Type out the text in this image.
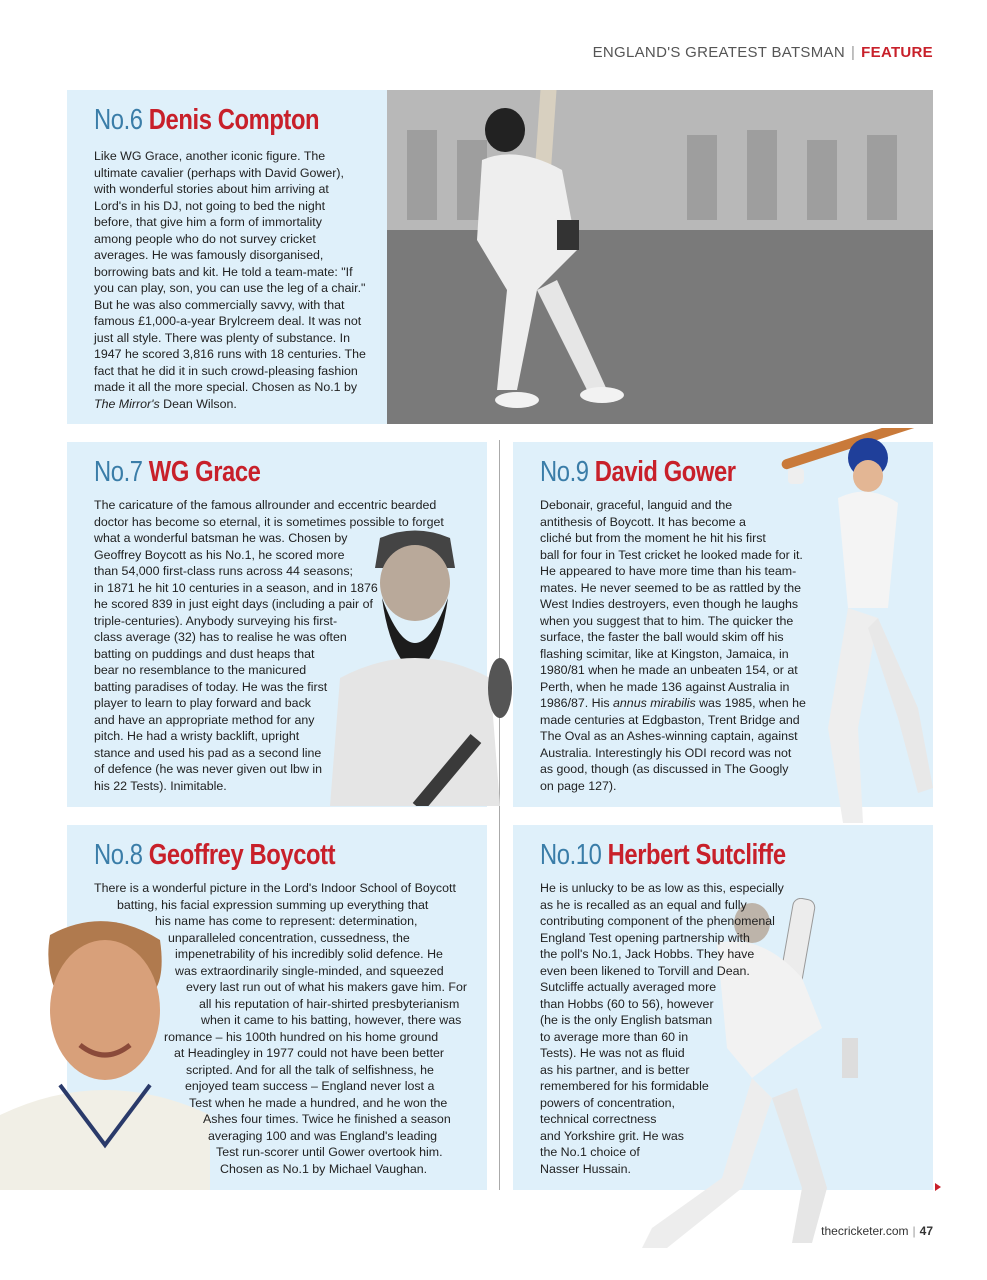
ENGLAND'S GREATEST BATSMAN | FEATURE
No.6 Denis Compton

Like WG Grace, another iconic figure. The

ultimate cavalier (perhaps with David Gower),

with wonderful stories about him arriving at

Lord's in his DJ, not going to bed the night

before, that give him a form of immortality

among people who do not survey cricket

averages. He was famously disorganised,

borrowing bats and kit. He told a team-mate: "If

you can play, son, you can use the leg of a chair."

But he was also commercially savvy, with that

famous £1,000-a-year Brylcreem deal. It was not

just all style. There was plenty of substance. In

1947 he scored 3,816 runs with 18 centuries. The

fact that he did it in such crowd-pleasing fashion

made it all the more special. Chosen as No.1 by

The Mirror's Dean Wilson.

No.7 WG Grace

The caricature of the famous allrounder and eccentric bearded

doctor has become so eternal, it is sometimes possible to forget

what a wonderful batsman he was. Chosen by

Geoffrey Boycott as his No.1, he scored more

than 54,000 first-class runs across 44 seasons;

in 1871 he hit 10 centuries in a season, and in 1876

he scored 839 in just eight days (including a pair of

triple-centuries). Anybody surveying his first-

class average (32) has to realise he was often

batting on puddings and dust heaps that

bear no resemblance to the manicured

batting paradises of today. He was the first

player to learn to play forward and back

and have an appropriate method for any

pitch. He had a wristy backlift, upright

stance and used his pad as a second line

of defence (he was never given out lbw in

his 22 Tests). Inimitable.

No.9 David Gower

Debonair, graceful, languid and the

antithesis of Boycott. It has become a

cliché but from the moment he hit his first

ball for four in Test cricket he looked made for it.

He appeared to have more time than his team-

mates. He never seemed to be as rattled by the

West Indies destroyers, even though he laughs

when you suggest that to him. The quicker the

surface, the faster the ball would skim off his

flashing scimitar, like at Kingston, Jamaica, in

1980/81 when he made an unbeaten 154, or at

Perth, when he made 136 against Australia in

1986/87. His annus mirabilis was 1985, when he

made centuries at Edgbaston, Trent Bridge and

The Oval as an Ashes-winning captain, against

Australia. Interestingly his ODI record was not

as good, though (as discussed in The Googly

on page 127).

No.8 Geoffrey Boycott

There is a wonderful picture in the Lord's Indoor School of Boycott

batting, his facial expression summing up everything that

his name has come to represent: determination,

unparalleled concentration, cussedness, the

impenetrability of his incredibly solid defence. He

was extraordinarily single-minded, and squeezed

every last run out of what his makers gave him. For

all his reputation of hair-shirted presbyterianism

when it came to his batting, however, there was

romance – his 100th hundred on his home ground

at Headingley in 1977 could not have been better

scripted. And for all the talk of selfishness, he

enjoyed team success – England never lost a

Test when he made a hundred, and he won the

Ashes four times. Twice he finished a season

averaging 100 and was England's leading

Test run-scorer until Gower overtook him.

Chosen as No.1 by Michael Vaughan.

No.10 Herbert Sutcliffe

He is unlucky to be as low as this, especially

as he is recalled as an equal and fully

contributing component of the phenomenal

England Test opening partnership with

the poll's No.1, Jack Hobbs. They have

even been likened to Torvill and Dean.

Sutcliffe actually averaged more

than Hobbs (60 to 56), however

(he is the only English batsman

to average more than 60 in

Tests). He was not as fluid

as his partner, and is better

remembered for his formidable

powers of concentration,

technical correctness

and Yorkshire grit. He was

the No.1 choice of

Nasser Hussain.

thecricketer.com | 47
